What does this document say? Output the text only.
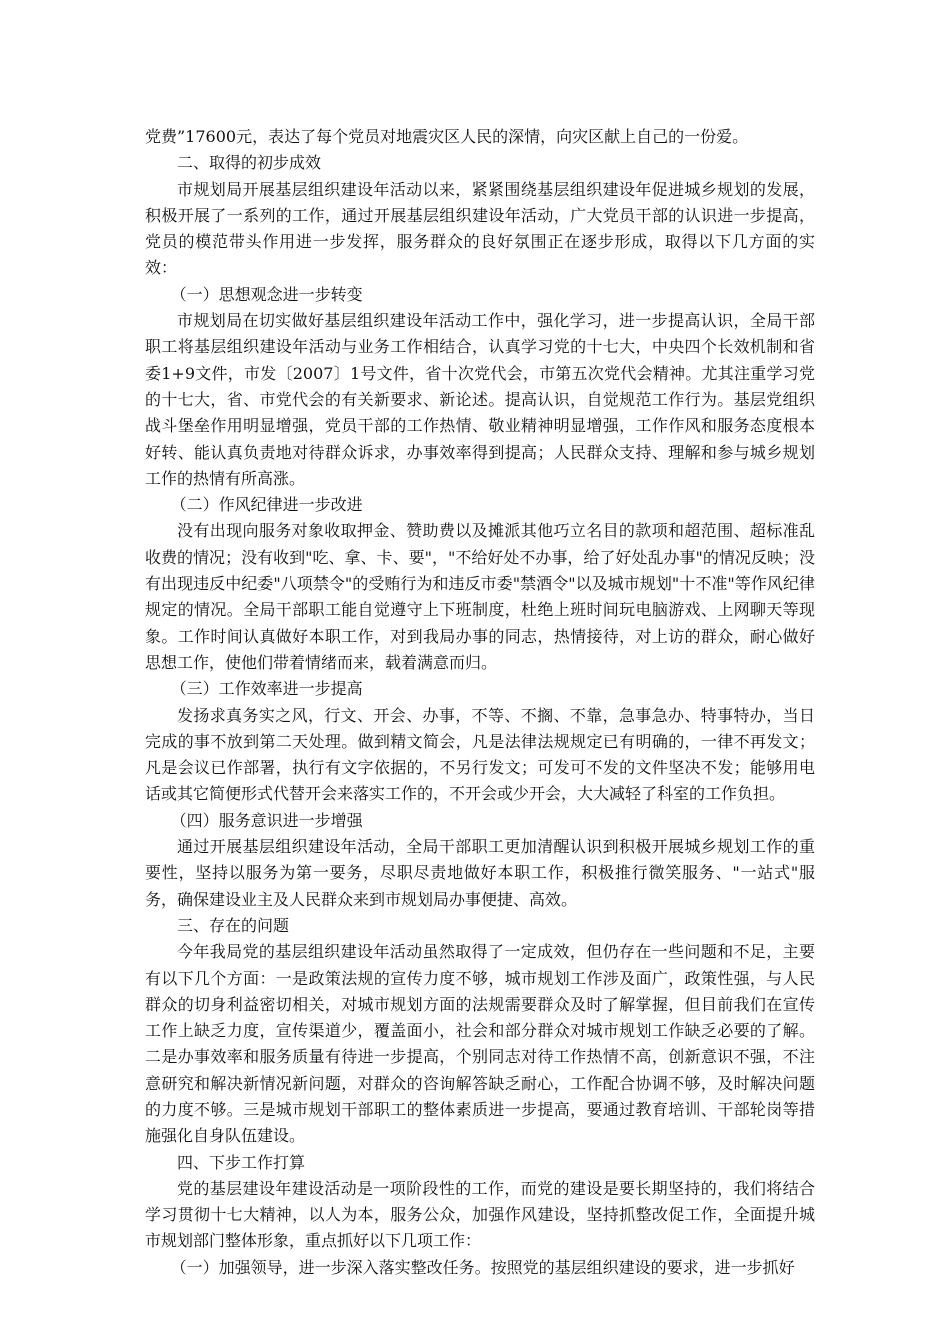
党费”17600元，表达了每个党员对地震灾区人民的深情，向灾区献上自己的一份爱。

二、取得的初步成效

市规划局开展基层组织建设年活动以来，紧紧围绕基层组织建设年促进城乡规划的发展，积极开展了一系列的工作，通过开展基层组织建设年活动，广大党员干部的认识进一步提高，党员的模范带头作用进一步发挥，服务群众的良好氛围正在逐步形成，取得以下几方面的实效：

（一）思想观念进一步转变

市规划局在切实做好基层组织建设年活动工作中，强化学习，进一步提高认识，全局干部职工将基层组织建设年活动与业务工作相结合，认真学习党的十七大，中央四个长效机制和省委1+9文件，市发〔2007〕1号文件，省十次党代会，市第五次党代会精神。尤其注重学习党的十七大，省、市党代会的有关新要求、新论述。提高认识，自觉规范工作行为。基层党组织战斗堡垒作用明显增强，党员干部的工作热情、敬业精神明显增强，工作作风和服务态度根本好转、能认真负责地对待群众诉求，办事效率得到提高；人民群众支持、理解和参与城乡规划工作的热情有所高涨。

（二）作风纪律进一步改进

没有出现向服务对象收取押金、赞助费以及摊派其他巧立名目的款项和超范围、超标准乱收费的情况；没有收到"吃、拿、卡、要"，"不给好处不办事，给了好处乱办事"的情况反映；没有出现违反中纪委"八项禁令"的受贿行为和违反市委"禁酒令"以及城市规划"十不准"等作风纪律规定的情况。全局干部职工能自觉遵守上下班制度，杜绝上班时间玩电脑游戏、上网聊天等现象。工作时间认真做好本职工作，对到我局办事的同志，热情接待，对上访的群众，耐心做好思想工作，使他们带着情绪而来，载着满意而归。

（三）工作效率进一步提高

发扬求真务实之风，行文、开会、办事，不等、不搁、不靠，急事急办、特事特办，当日完成的事不放到第二天处理。做到精文简会，凡是法律法规规定已有明确的，一律不再发文；凡是会议已作部署，执行有文字依据的，不另行发文；可发可不发的文件坚决不发；能够用电话或其它简便形式代替开会来落实工作的，不开会或少开会，大大减轻了科室的工作负担。

（四）服务意识进一步增强

通过开展基层组织建设年活动，全局干部职工更加清醒认识到积极开展城乡规划工作的重要性，坚持以服务为第一要务，尽职尽责地做好本职工作，积极推行微笑服务、"一站式"服务，确保建设业主及人民群众来到市规划局办事便捷、高效。

三、存在的问题

今年我局党的基层组织建设年活动虽然取得了一定成效，但仍存在一些问题和不足，主要有以下几个方面：一是政策法规的宣传力度不够，城市规划工作涉及面广，政策性强，与人民群众的切身利益密切相关，对城市规划方面的法规需要群众及时了解掌握，但目前我们在宣传工作上缺乏力度，宣传渠道少，覆盖面小，社会和部分群众对城市规划工作缺乏必要的了解。二是办事效率和服务质量有待进一步提高，个别同志对待工作热情不高，创新意识不强，不注意研究和解决新情况新问题，对群众的咨询解答缺乏耐心，工作配合协调不够，及时解决问题的力度不够。三是城市规划干部职工的整体素质进一步提高，要通过教育培训、干部轮岗等措施强化自身队伍建设。

四、下步工作打算

党的基层建设年建设活动是一项阶段性的工作，而党的建设是要长期坚持的，我们将结合学习贯彻十七大精神，以人为本，服务公众，加强作风建设，坚持抓整改促工作，全面提升城市规划部门整体形象，重点抓好以下几项工作：

（一）加强领导，进一步深入落实整改任务。按照党的基层组织建设的要求，进一步抓好
